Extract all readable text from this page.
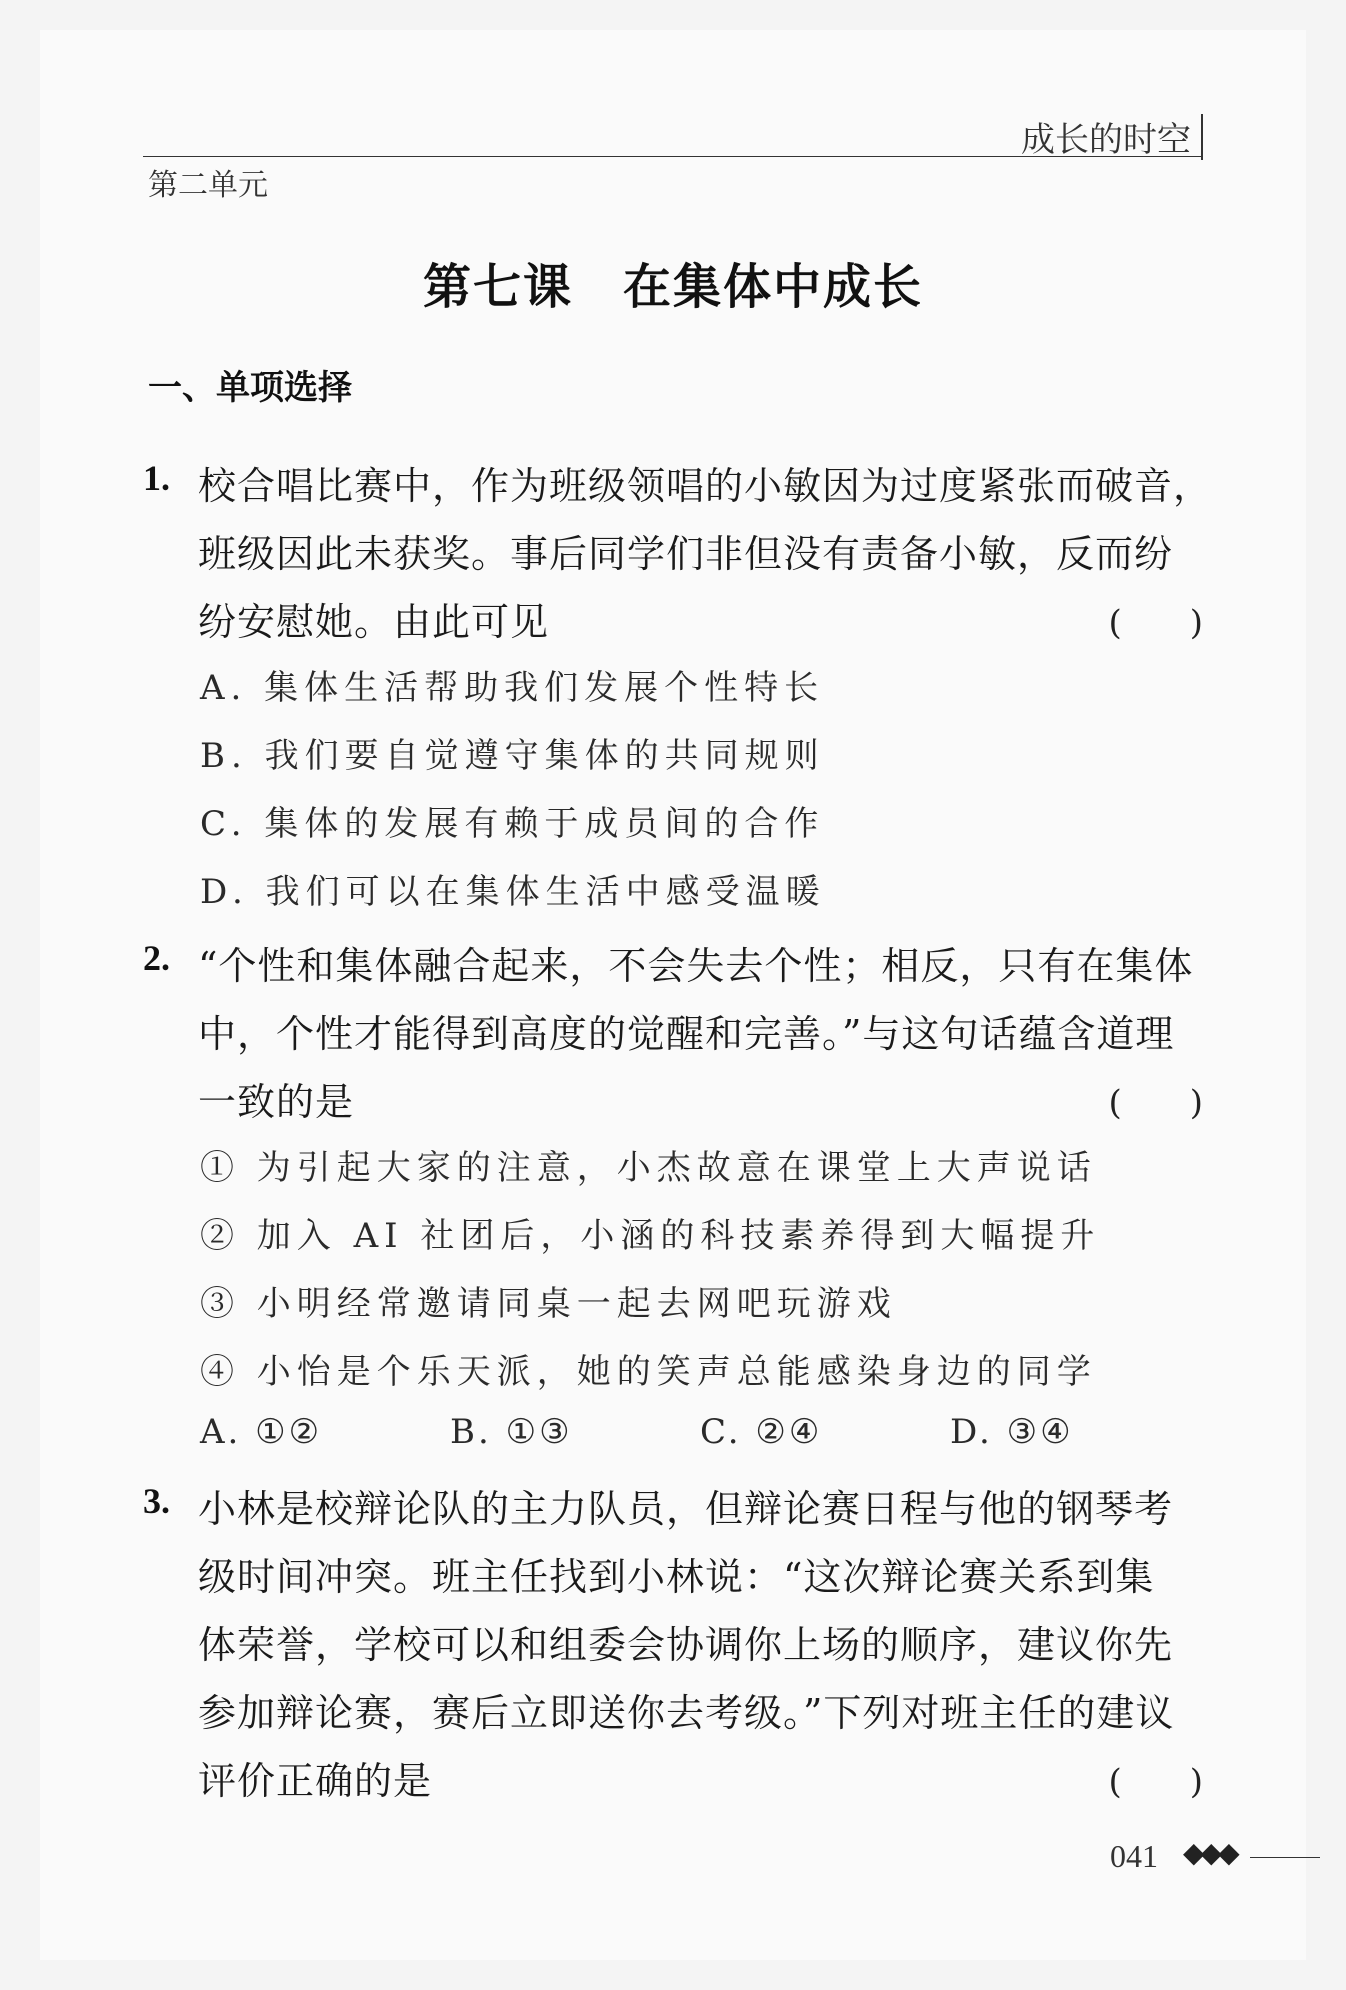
成长的时空
第二单元
第七课　在集体中成长
一、单项选择
1. 校合唱比赛中，作为班级领唱的小敏因为过度紧张而破音，
班级因此未获奖。事后同学们非但没有责备小敏，反而纷
纷安慰她。由此可见	(　　)
A. 集体生活帮助我们发展个性特长
B. 我们要自觉遵守集体的共同规则
C. 集体的发展有赖于成员间的合作
D. 我们可以在集体生活中感受温暖
2. “个性和集体融合起来，不会失去个性；相反，只有在集体
中，个性才能得到高度的觉醒和完善。”与这句话蕴含道理
一致的是	(　　)
① 为引起大家的注意，小杰故意在课堂上大声说话
② 加入 AI 社团后，小涵的科技素养得到大幅提升
③ 小明经常邀请同桌一起去网吧玩游戏
④ 小怡是个乐天派，她的笑声总能感染身边的同学
A. ①②	B. ①③	C. ②④	D. ③④
3. 小林是校辩论队的主力队员，但辩论赛日程与他的钢琴考
级时间冲突。班主任找到小林说：“这次辩论赛关系到集
体荣誉，学校可以和组委会协调你上场的顺序，建议你先
参加辩论赛，赛后立即送你去考级。”下列对班主任的建议
评价正确的是	(　　)
041 ◆◆◆
